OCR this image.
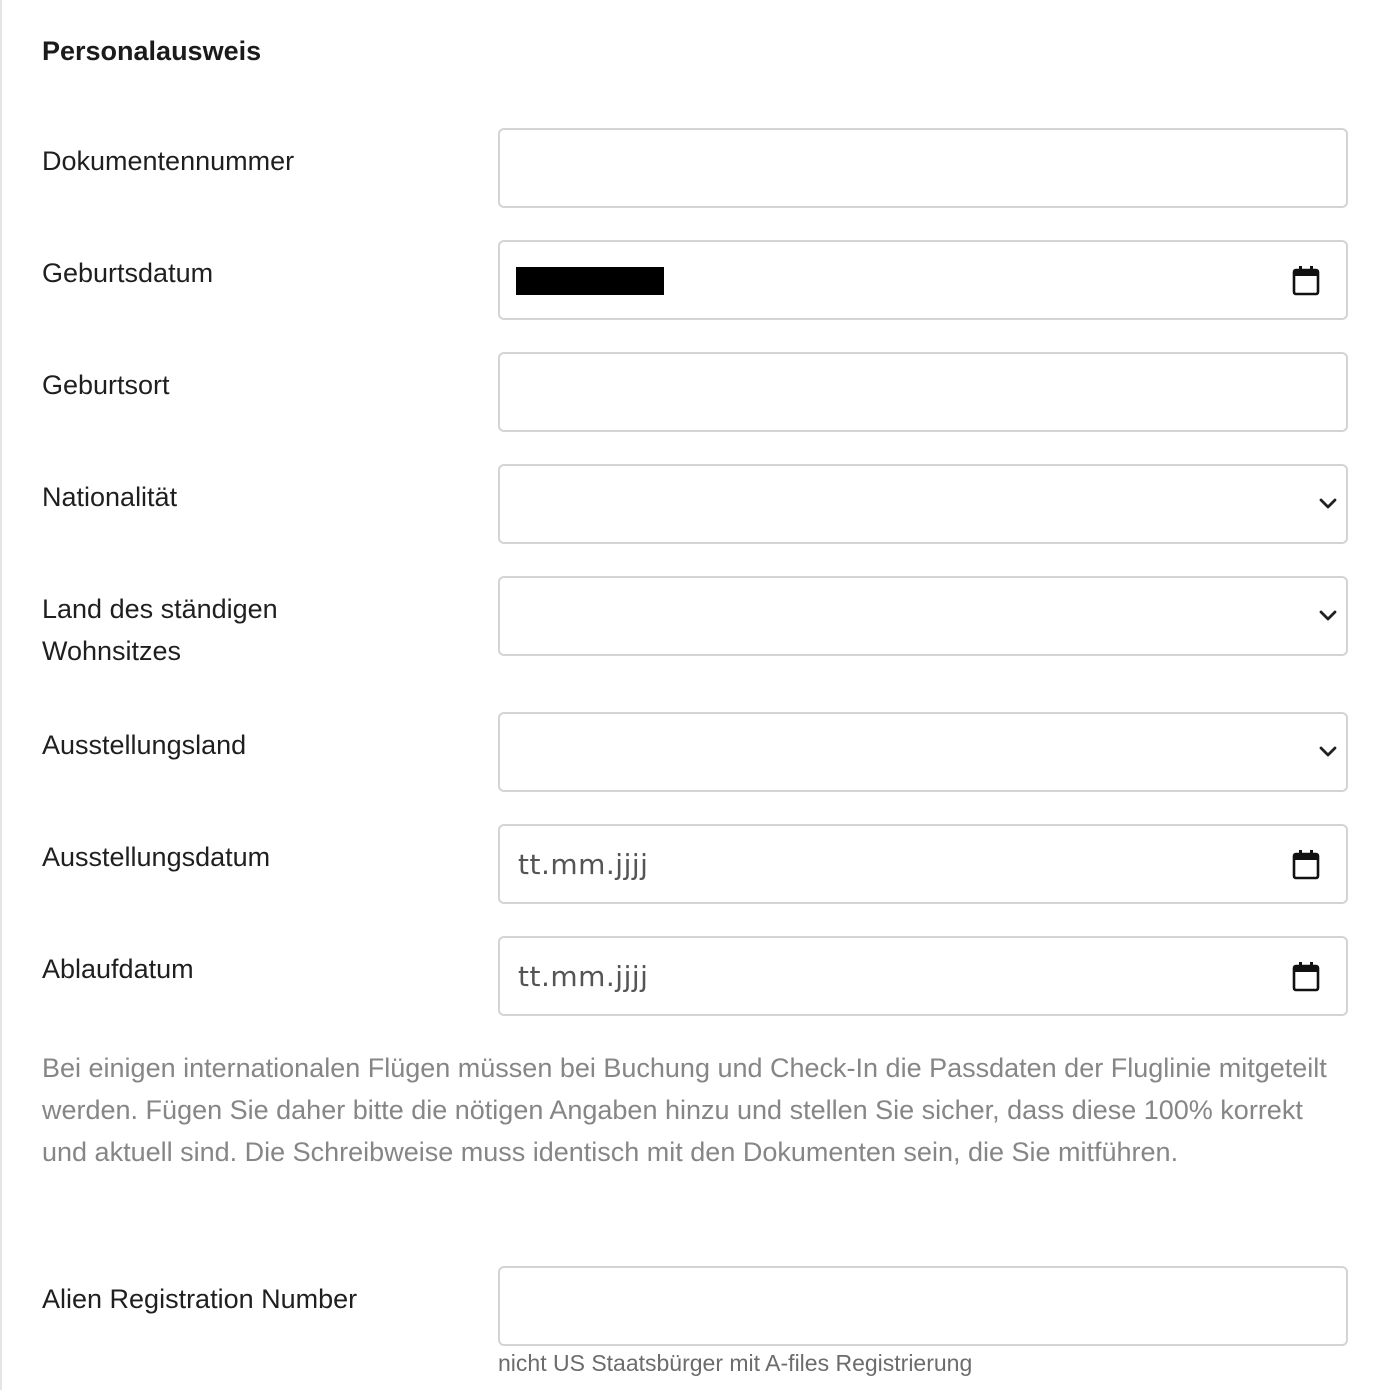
Personalausweis
Dokumentennummer
Geburtsdatum
Geburtsort
Nationalität
Land des ständigen
Wohnsitzes
Ausstellungsland
Ausstellungsdatum	tt.mm.jjjj
Ablaufdatum	tt.mm.jjjj
Bei einigen internationalen Flügen müssen bei Buchung und Check-In die Passdaten der Fluglinie mitgeteilt werden. Fügen Sie daher bitte die nötigen Angaben hinzu und stellen Sie sicher, dass diese 100% korrekt und aktuell sind. Die Schreibweise muss identisch mit den Dokumenten sein, die Sie mitführen.
Alien Registration Number
nicht US Staatsbürger mit A-files Registrierung
